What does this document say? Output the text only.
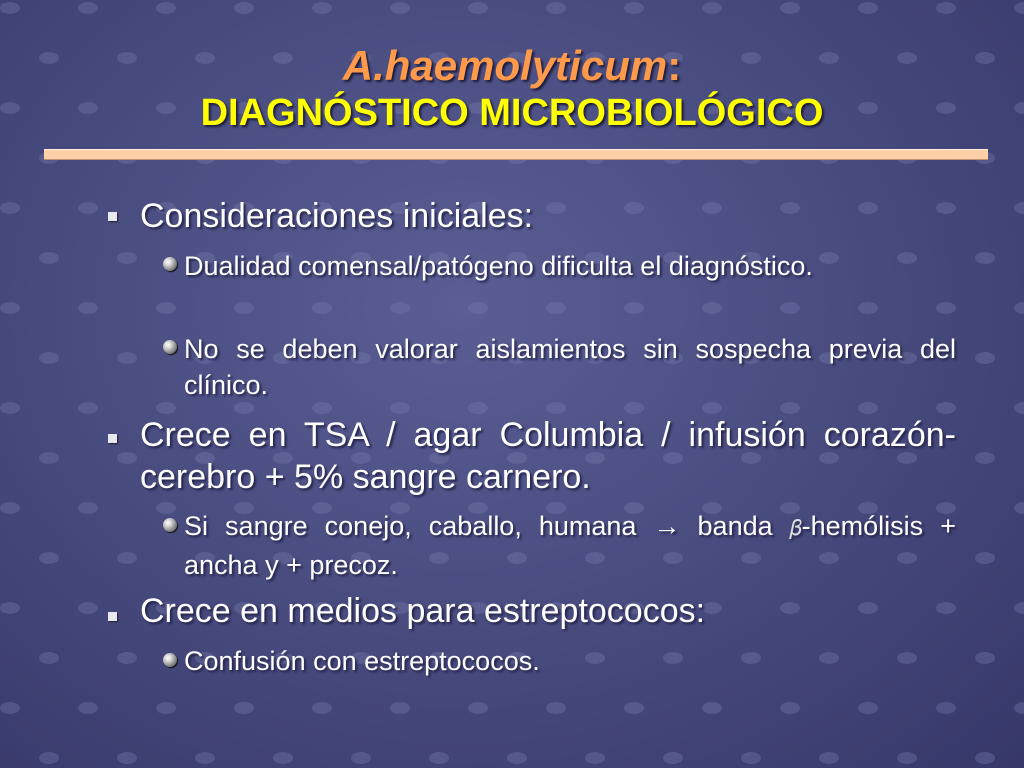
A.haemolyticum:
DIAGNÓSTICO MICROBIOLÓGICO
Consideraciones iniciales:
Dualidad comensal/patógeno dificulta el diagnóstico.
No se deben valorar aislamientos sin sospecha previa del clínico.
Crece en TSA / agar Columbia / infusión corazón-cerebro + 5% sangre carnero.
Si sangre conejo, caballo, humana → banda 𝛽-hemólisis + ancha y + precoz.
Crece en medios para estreptococos:
Confusión con estreptococos.
